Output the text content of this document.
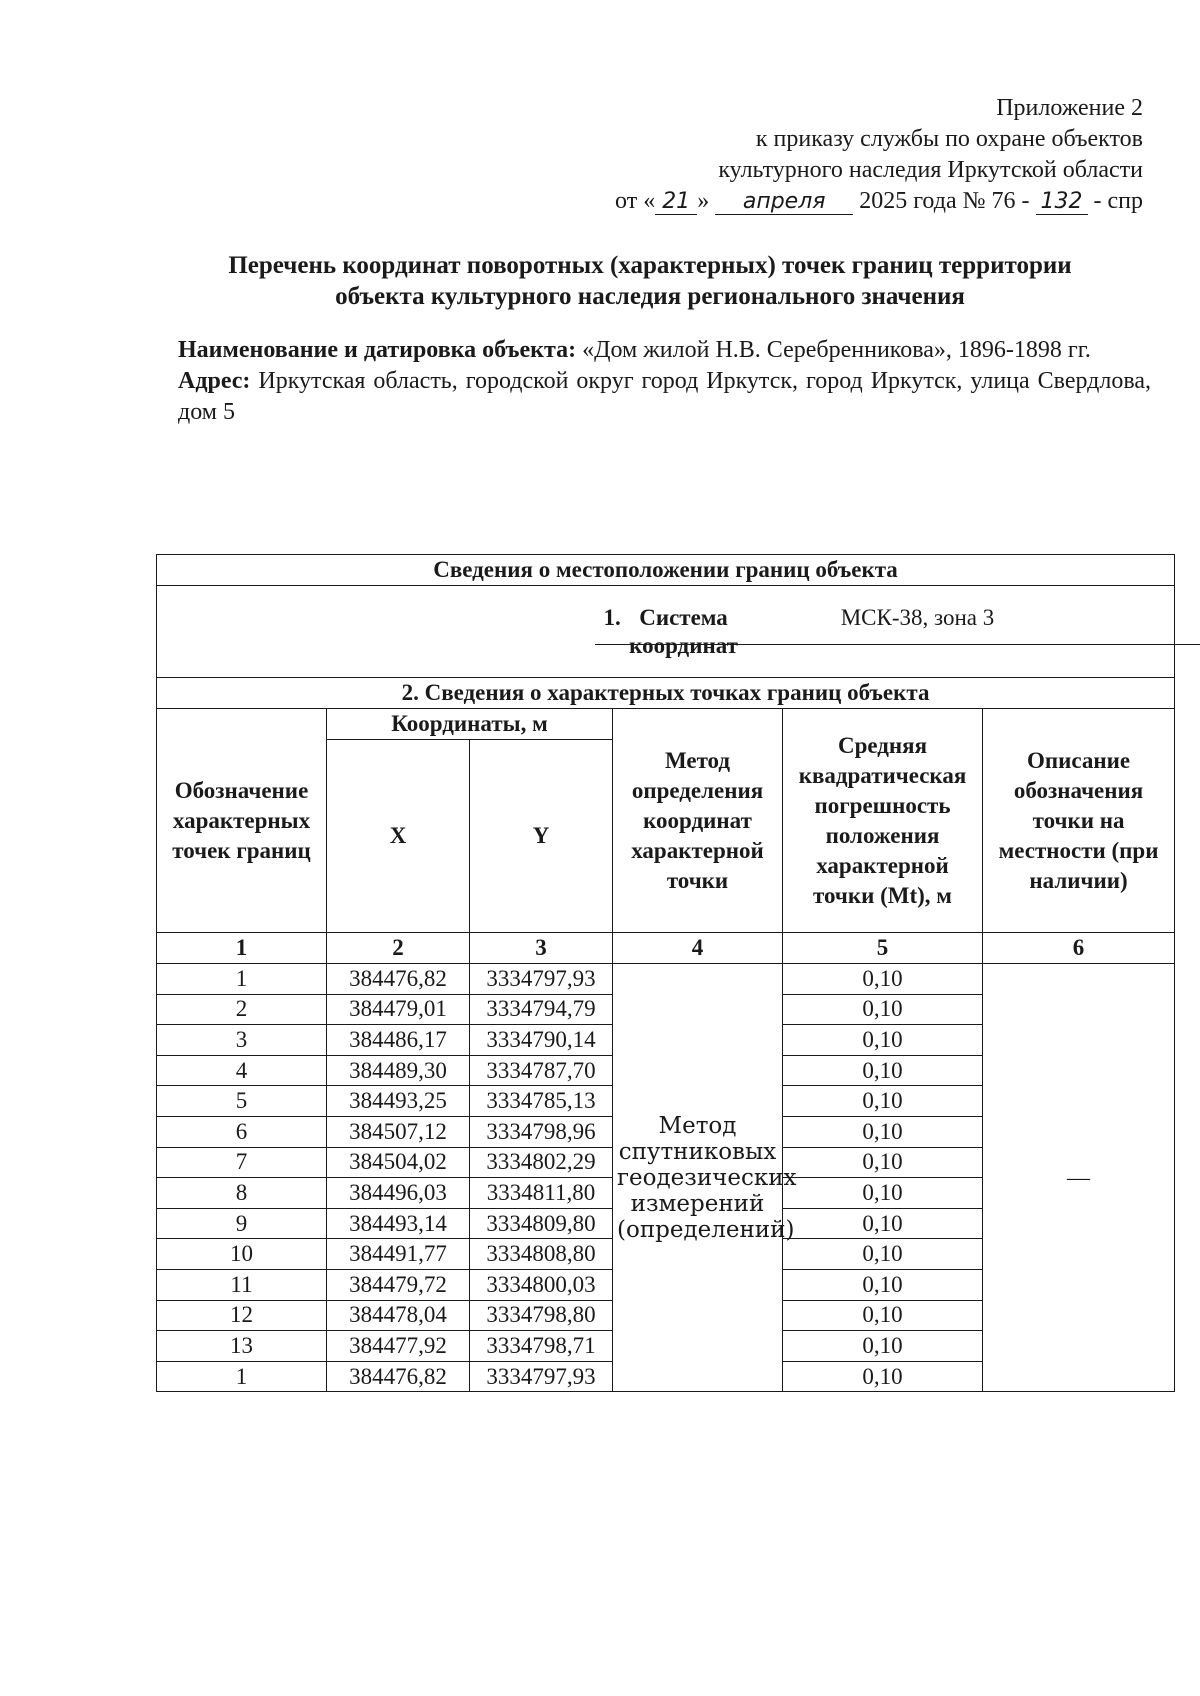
Приложение 2
к приказу службы по охране объектов
культурного наследия Иркутской области
от « 21 » апреля 2025 года № 76 - 132 - спр
Перечень координат поворотных (характерных) точек границ территории
объекта культурного наследия регионального значения

Наименование и датировка объекта: «Дом жилой Н.В. Серебренникова», 1896-1898 гг.

Адрес: Иркутская область, городской округ город Иркутск, город Иркутск, улица Свердлова, дом 5

Сведения о местоположении границ объекта					
1. Система
координат
МСК-38, зона 3					

2. Сведения о характерных точках границ объекта					
Обозначение характерных точек границ	Координаты, м		Метод определения координат характерной точки	Средняя квадратическая погрешность положения характерной точки (Mt), м	Описание обозначения точки на местности (при наличии)
	X	Y			
1	2	3	4	5	6
1	384476,82	3334797,93	Метод спутниковых геодезических измерений (определений)	0,10	—
2	384479,01	3334794,79		0,10	
3	384486,17	3334790,14		0,10	
4	384489,30	3334787,70		0,10	
5	384493,25	3334785,13		0,10	
6	384507,12	3334798,96		0,10	
7	384504,02	3334802,29		0,10	
8	384496,03	3334811,80		0,10	
9	384493,14	3334809,80		0,10	
10	384491,77	3334808,80		0,10	
11	384479,72	3334800,03		0,10	
12	384478,04	3334798,80		0,10	
13	384477,92	3334798,71		0,10	
1	384476,82	3334797,93		0,10	
